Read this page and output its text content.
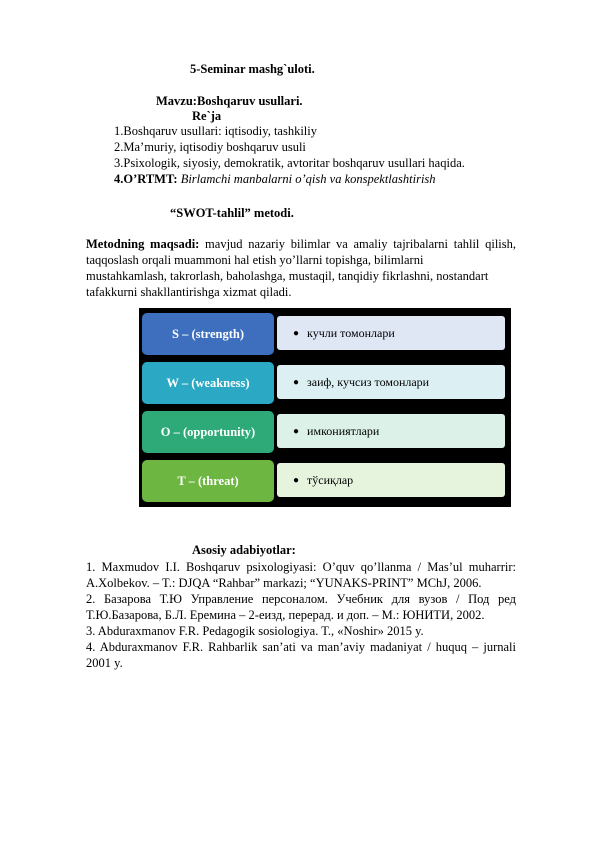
5-Seminar mashg`uloti.
Mavzu:Boshqaruv usullari.
Re`ja
1.Boshqaruv usullari: iqtisodiy, tashkiliy
2.Ma’muriy, iqtisodiy boshqaruv usuli
3.Psixologik, siyosiy, demokratik, avtoritar boshqaruv usullari haqida.
4.O’RTMT: Birlamchi manbalarni o’qish va konspektlashtirish
“SWOT-tahlil” metodi.
Metodning maqsadi: mavjud nazariy bilimlar va amaliy tajribalarni tahlil qilish,
taqqoslash orqali muammoni hal etish yo’llarni topishga, bilimlarni
mustahkamlash, takrorlash, baholashga, mustaqil, tanqidiy fikrlashni, nostandart
tafakkurni shakllantirishga xizmat qiladi.
S – (strength)	● кучли томонлари
W – (weakness)	● заиф, кучсиз томонлари
O – (opportunity)	● имкониятлари
T – (threat)	● тўсиқлар
Asosiy adabiyotlar:
1. Maxmudov I.I. Boshqaruv psixologiyasi: O’quv qo’llanma / Mas’ul muharrir:
A.Xolbekov. – T.: DJQA “Rahbar” markazi; “YUNAKS-PRINT” MChJ, 2006.
2. Базарова Т.Ю Управление персоналом. Учебник для вузов / Под ред
Т.Ю.Базарова, Б.Л. Еремина – 2-еизд, перерад. и доп. – М.: ЮНИТИ, 2002.
3. Abduraxmanov F.R. Pedagogik sosiologiya. T., «Noshir» 2015 y.
4. Abduraxmanov F.R. Rahbarlik san’ati va man’aviy madaniyat / huquq – jurnali
2001 y.
